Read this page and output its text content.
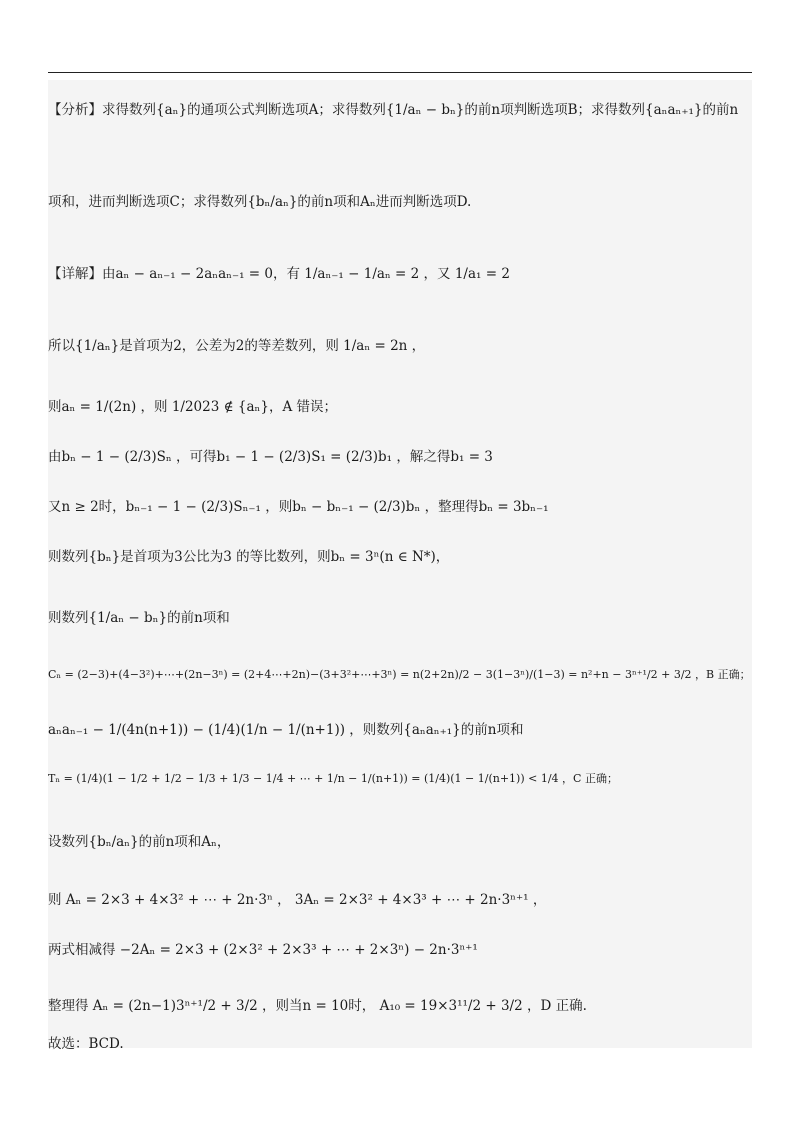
【分析】求得数列{aₙ}的通项公式判断选项A；求得数列{1/aₙ − bₙ}的前n项判断选项B；求得数列{aₙaₙ₊₁}的前n
项和，进而判断选项C；求得数列{bₙ/aₙ}的前n项和Aₙ进而判断选项D.
【详解】由aₙ − aₙ₋₁ − 2aₙaₙ₋₁ = 0，有 1/aₙ₋₁ − 1/aₙ = 2 ，又 1/a₁ = 2
所以{1/aₙ}是首项为2，公差为2的等差数列，则 1/aₙ = 2n ，
则aₙ = 1/(2n) ，则 1/2023 ∉ {aₙ}，A 错误；
由bₙ − 1 − (2/3)Sₙ ，可得b₁ − 1 − (2/3)S₁ = (2/3)b₁ ，解之得b₁ = 3
又n ≥ 2时，bₙ₋₁ − 1 − (2/3)Sₙ₋₁ ，则bₙ − bₙ₋₁ − (2/3)bₙ ，整理得bₙ = 3bₙ₋₁
则数列{bₙ}是首项为3公比为3 的等比数列，则bₙ = 3ⁿ(n ∈ N*)，
则数列{1/aₙ − bₙ}的前n项和
Cₙ = (2−3)+(4−3²)+⋯+(2n−3ⁿ) = (2+4⋯+2n)−(3+3²+⋯+3ⁿ) = n(2+2n)/2 − 3(1−3ⁿ)/(1−3) = n²+n − 3ⁿ⁺¹/2 + 3/2 ，B 正确；
aₙaₙ₋₁ − 1/(4n(n+1)) − (1/4)(1/n − 1/(n+1)) ，则数列{aₙaₙ₊₁}的前n项和
Tₙ = (1/4)(1 − 1/2 + 1/2 − 1/3 + 1/3 − 1/4 + ⋯ + 1/n − 1/(n+1)) = (1/4)(1 − 1/(n+1)) < 1/4 ，C 正确；
设数列{bₙ/aₙ}的前n项和Aₙ，
则 Aₙ = 2×3 + 4×3² + ⋯ + 2n·3ⁿ ， 3Aₙ = 2×3² + 4×3³ + ⋯ + 2n·3ⁿ⁺¹ ，
两式相减得 −2Aₙ = 2×3 + (2×3² + 2×3³ + ⋯ + 2×3ⁿ) − 2n·3ⁿ⁺¹
整理得 Aₙ = (2n−1)3ⁿ⁺¹/2 + 3/2 ，则当n = 10时， A₁₀ = 19×3¹¹/2 + 3/2 ，D 正确.
故选：BCD.
